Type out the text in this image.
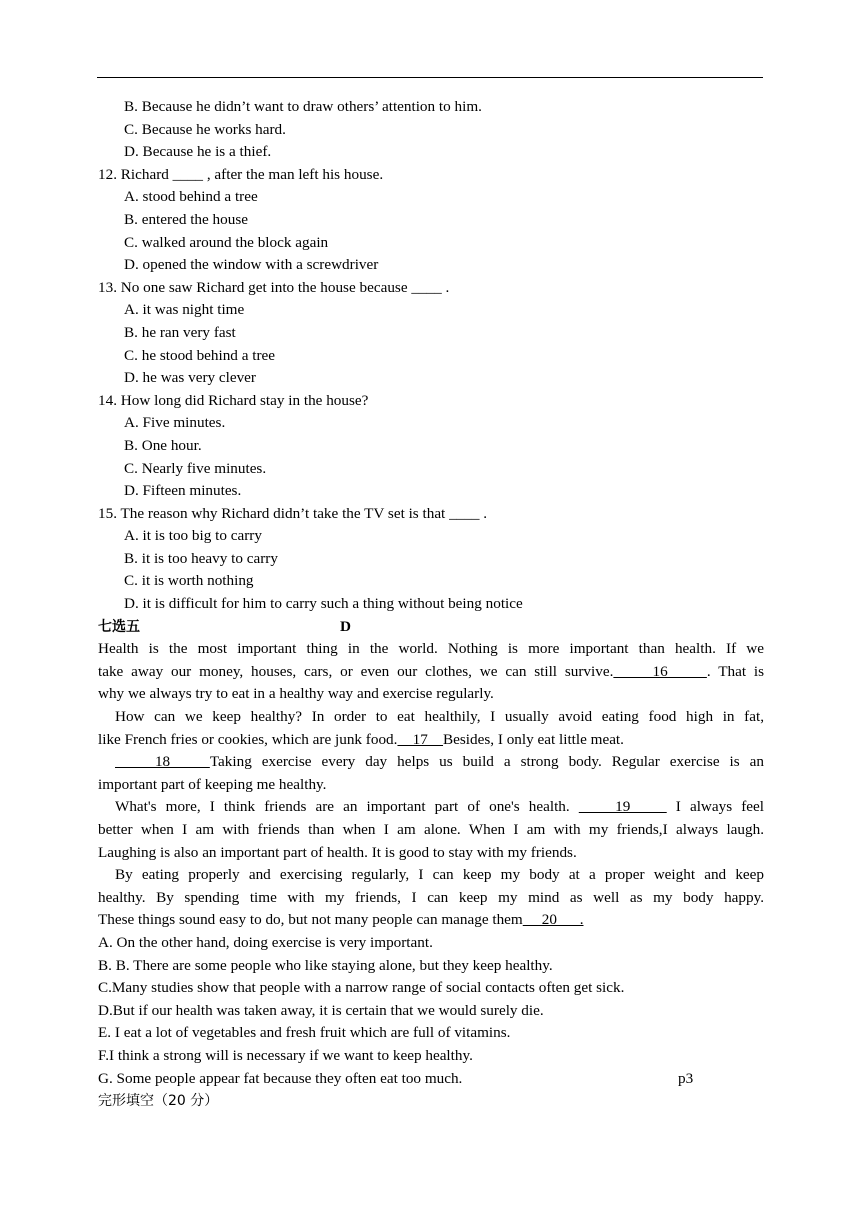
B. Because he didn’t want to draw others’ attention to him.
C. Because he works hard.
D. Because he is a thief.
12. Richard ____ , after the man left his house.
A. stood behind a tree
B. entered the house
C. walked around the block again
D. opened the window with a screwdriver
13. No one saw Richard get into the house because ____ .
A. it was night time
B. he ran very fast
C. he stood behind a tree
D. he was very clever
14. How long did Richard stay in the house?
A. Five minutes.
B. One hour.
C. Nearly five minutes.
D. Fifteen minutes.
15. The reason why Richard didn’t take the TV set is that ____ .
A. it is too big to carry
B. it is too heavy to carry
C. it is worth nothing
D. it is difficult for him to carry such a thing without being notice
七选五	D
Health is the most important thing in the world. Nothing is more important than health. If we
take away our money, houses, cars, or even our clothes, we can still survive.     16     . That is
why we always try to eat in a healthy way and exercise regularly.
How can we keep healthy? In order to eat healthily, I usually avoid eating food high in fat,
like French fries or cookies, which are junk food.    17    Besides, I only eat little meat.
18    Taking exercise every day helps us build a strong body. Regular exercise is an
important part of keeping me healthy.
What's more, I think friends are an important part of one's health.     19     I always feel
better when I am with friends than when I am alone. When I am with my friends,I always laugh.
Laughing is also an important part of health. It is good to stay with my friends.
By eating properly and exercising regularly, I can keep my body at a proper weight and keep
healthy. By spending time with my friends, I can keep my mind as well as my body happy.
These things sound easy to do, but not many people can manage them     20      .
A. On the other hand, doing exercise is very important.
B. B. There are some people who like staying alone, but they keep healthy.
C.Many studies show that people with a narrow range of social contacts often get sick.
D.But if our health was taken away, it is certain that we would surely die.
E. I eat a lot of vegetables and fresh fruit which are full of vitamins.
F.I think a strong will is necessary if we want to keep healthy.
G. Some people appear fat because they often eat too much.	p3
完形填空（20 分）
